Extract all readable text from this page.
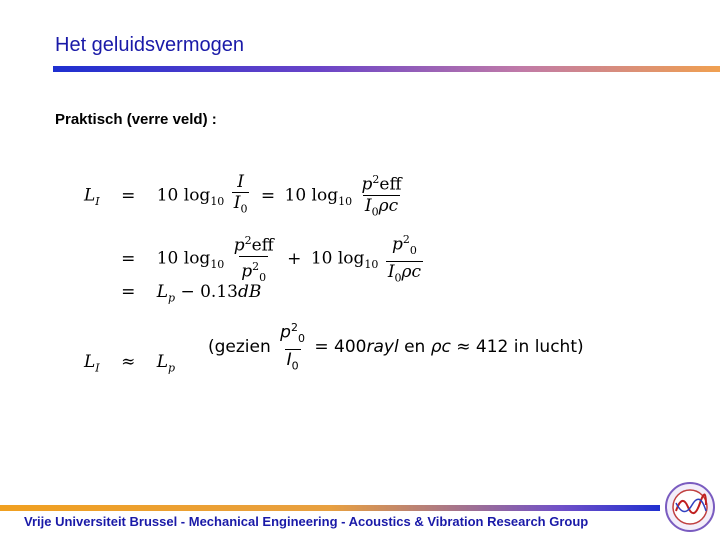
Het geluidsvermogen
Praktisch (verre veld) :
$L_I = 10$ $\log_{10} \frac{I}{I_0} = 10$ $\log_{10} \frac{p^2eff}{I_0\rho c}$
= 10 $\log_{10} \frac{p^2eff}{p^2_0} + 10$ $\log_{10} \frac{p^2_0}{I_0\rho c}$
= $L_p - 0.13dB$
(gezien $\frac{p^2_0}{I_0}$ = 400rayl en ρc ≈ 412 in lucht)
$L_I \approx L_p$
Vrije Universiteit Brussel - Mechanical Engineering - Acoustics & Vibration Research Group
